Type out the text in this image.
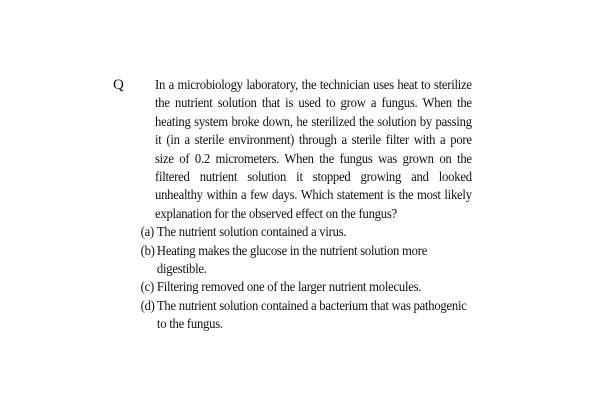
Q In a microbiology laboratory, the technician uses heat to sterilize the nutrient solution that is used to grow a fungus. When the heating system broke down, he sterilized the solution by passing it (in a sterile environment) through a sterile filter with a pore size of 0.2 micrometers. When the fungus was grown on the filtered nutrient solution it stopped growing and looked unhealthy within a few days. Which statement is the most likely explanation for the observed effect on the fungus?

(a) The nutrient solution contained a virus.
(b) Heating makes the glucose in the nutrient solution more digestible.
(c) Filtering removed one of the larger nutrient molecules.
(d) The nutrient solution contained a bacterium that was pathogenic to the fungus.
